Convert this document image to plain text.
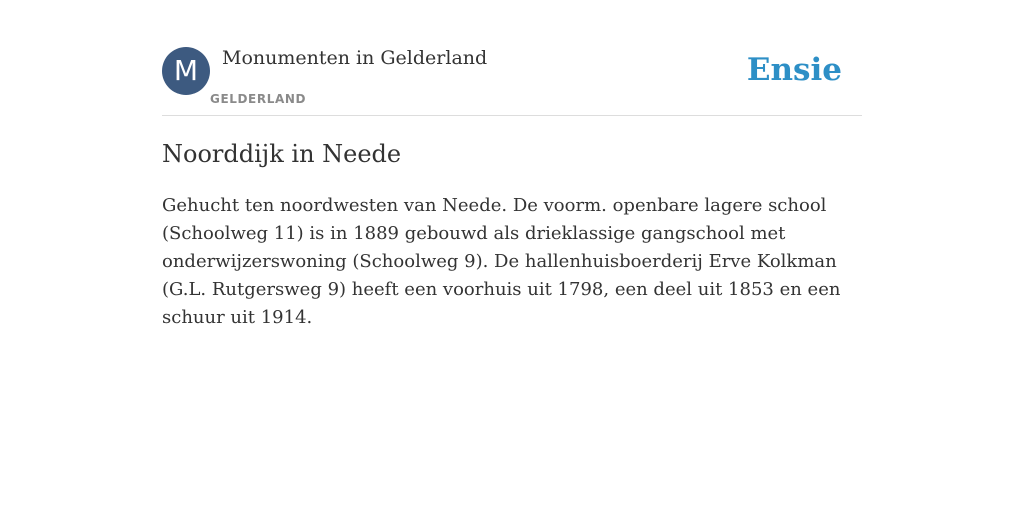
M	Monumenten in Gelderland
GELDERLAND
Ensie
Noorddijk in Neede

Gehucht ten noordwesten van Neede. De voorm. openbare lagere school (Schoolweg 11) is in 1889 gebouwd als drieklassige gangschool met onderwijzerswoning (Schoolweg 9). De hallenhuisboerderij Erve Kolkman (G.L. Rutgersweg 9) heeft een voorhuis uit 1798, een deel uit 1853 en een schuur uit 1914.
